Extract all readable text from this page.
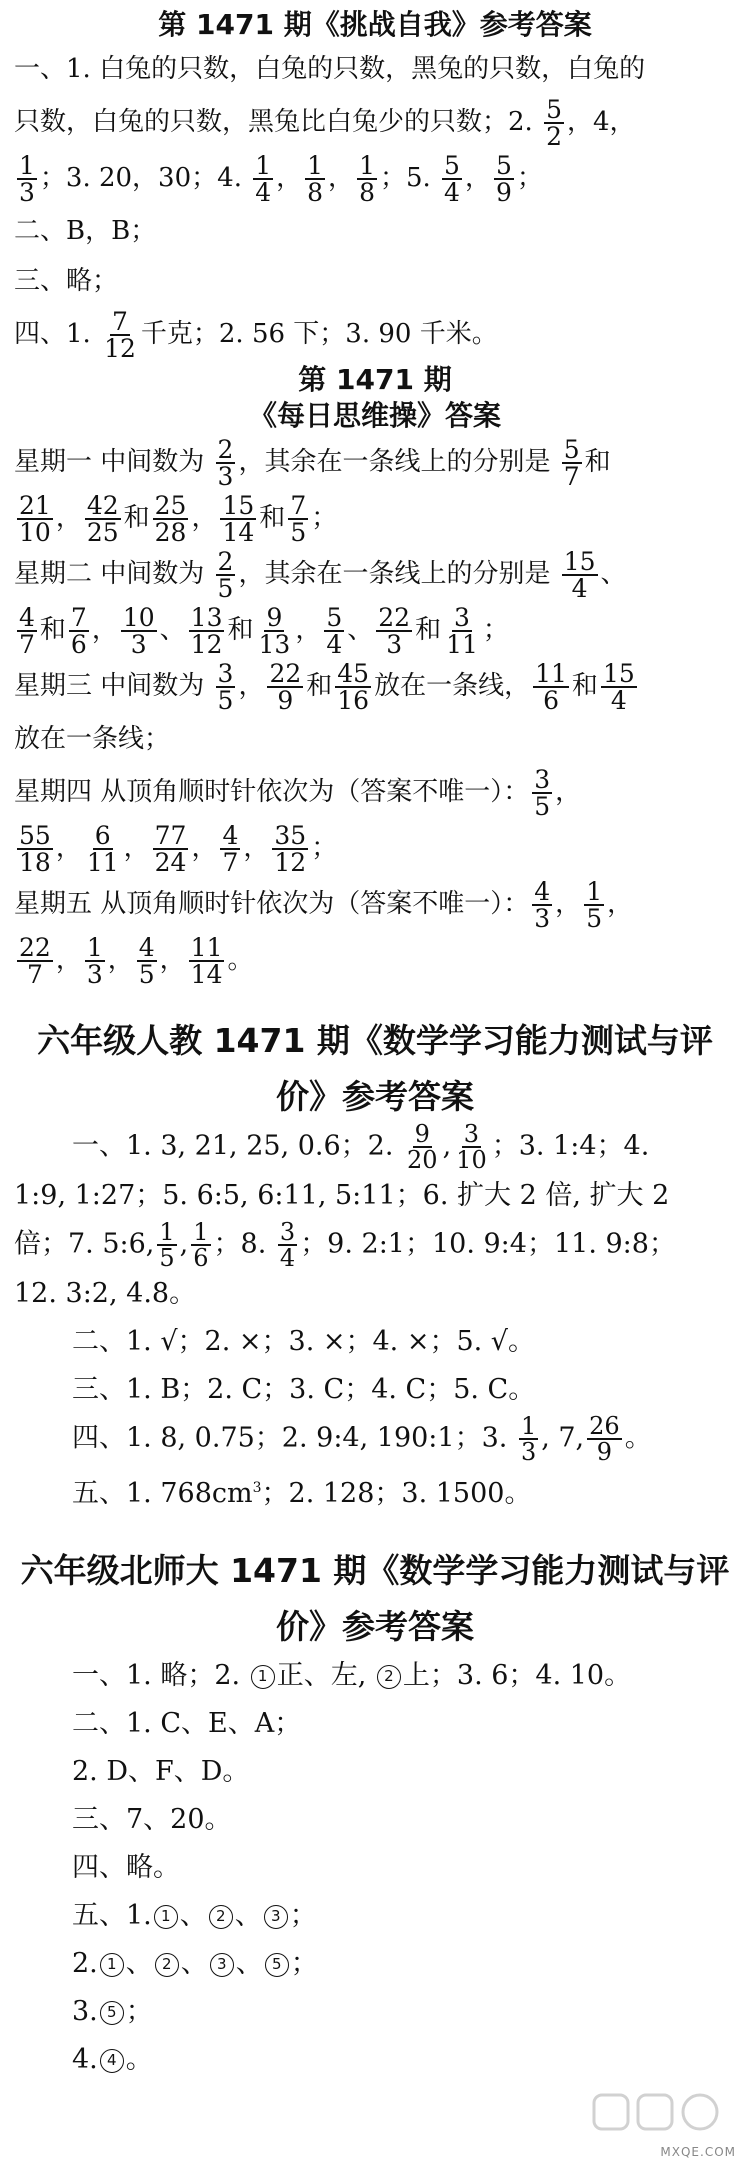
第 1471 期《挑战自我》参考答案
一、1. 白兔的只数，白兔的只数，黑兔的只数，白兔的
只数，白兔的只数，黑兔比白兔少的只数；2. $\frac{5}{2}$ ，4，
$\frac{1}{3}$ ；3. 20，30；4. $\frac{1}{4}$ ， $\frac{1}{8}$ ， $\frac{1}{8}$ ；5. $\frac{5}{4}$ ， $\frac{5}{9}$ ；
二、B，B；
三、略；
四、1. $\frac{7}{12}$ 千克；2. 56 下；3. 90 千米。
第 1471 期
《每日思维操》答案
星期一 中间数为 $\frac{2}{3}$ ，其余在一条线上的分别是 $\frac{5}{7}$ 和
$\frac{21}{10}$ ， $\frac{42}{25}$ 和 $\frac{25}{28}$ ， $\frac{15}{14}$ 和 $\frac{7}{5}$ ；
星期二 中间数为 $\frac{2}{5}$ ，其余在一条线上的分别是 $\frac{15}{4}$ 、
$\frac{4}{7}$ 和 $\frac{7}{6}$ ， $\frac{10}{3}$ 、 $\frac{13}{12}$ 和 $\frac{9}{13}$ ， $\frac{5}{4}$ 、 $\frac{22}{3}$ 和 $\frac{3}{11}$ ；
星期三 中间数为 $\frac{3}{5}$ ， $\frac{22}{9}$ 和 $\frac{45}{16}$ 放在一条线， $\frac{11}{6}$ 和 $\frac{15}{4}$
放在一条线；
星期四 从顶角顺时针依次为（答案不唯一）： $\frac{3}{5}$ ，
$\frac{55}{18}$ ， $\frac{6}{11}$ ， $\frac{77}{24}$ ， $\frac{4}{7}$ ， $\frac{35}{12}$ ；
星期五 从顶角顺时针依次为（答案不唯一）： $\frac{4}{3}$ ， $\frac{1}{5}$ ，
$\frac{22}{7}$ ， $\frac{1}{3}$ ， $\frac{4}{5}$ ， $\frac{11}{14}$ 。
六年级人教 1471 期《数学学习能力测试与评
价》参考答案
一、1. 3, 21, 25, 0.6；2. $\frac{9}{20}$ , $\frac{3}{10}$ ；3. 1:4；4.
1:9, 1:27；5. 6:5, 6:11, 5:11；6. 扩大 2 倍, 扩大 2
倍；7. 5:6, $\frac{1}{5}$ , $\frac{1}{6}$ ；8. $\frac{3}{4}$ ；9. 2:1；10. 9:4；11. 9:8；
12. 3:2, 4.8。
二、1. √；2. ×；3. ×；4. ×；5. √。
三、1. B；2. C；3. C；4. C；5. C。
四、1. 8, 0.75；2. 9:4, 190:1；3. $\frac{1}{3}$ , 7, $\frac{26}{9}$ 。
五、1. $768cm^3$；2. 128；3. 1500。
六年级北师大 1471 期《数学学习能力测试与评
价》参考答案
一、1. 略；2. 1 正、左, 2 上；3. 6；4. 10。
二、1. C、E、A；
2. D、F、D。
三、7、20。
四、略。
五、1. 1 、 2 、 3 ；
2. 1 、 2 、 3 、 5 ；
3. 5 ；
4. 4 。
MXQE.COM
